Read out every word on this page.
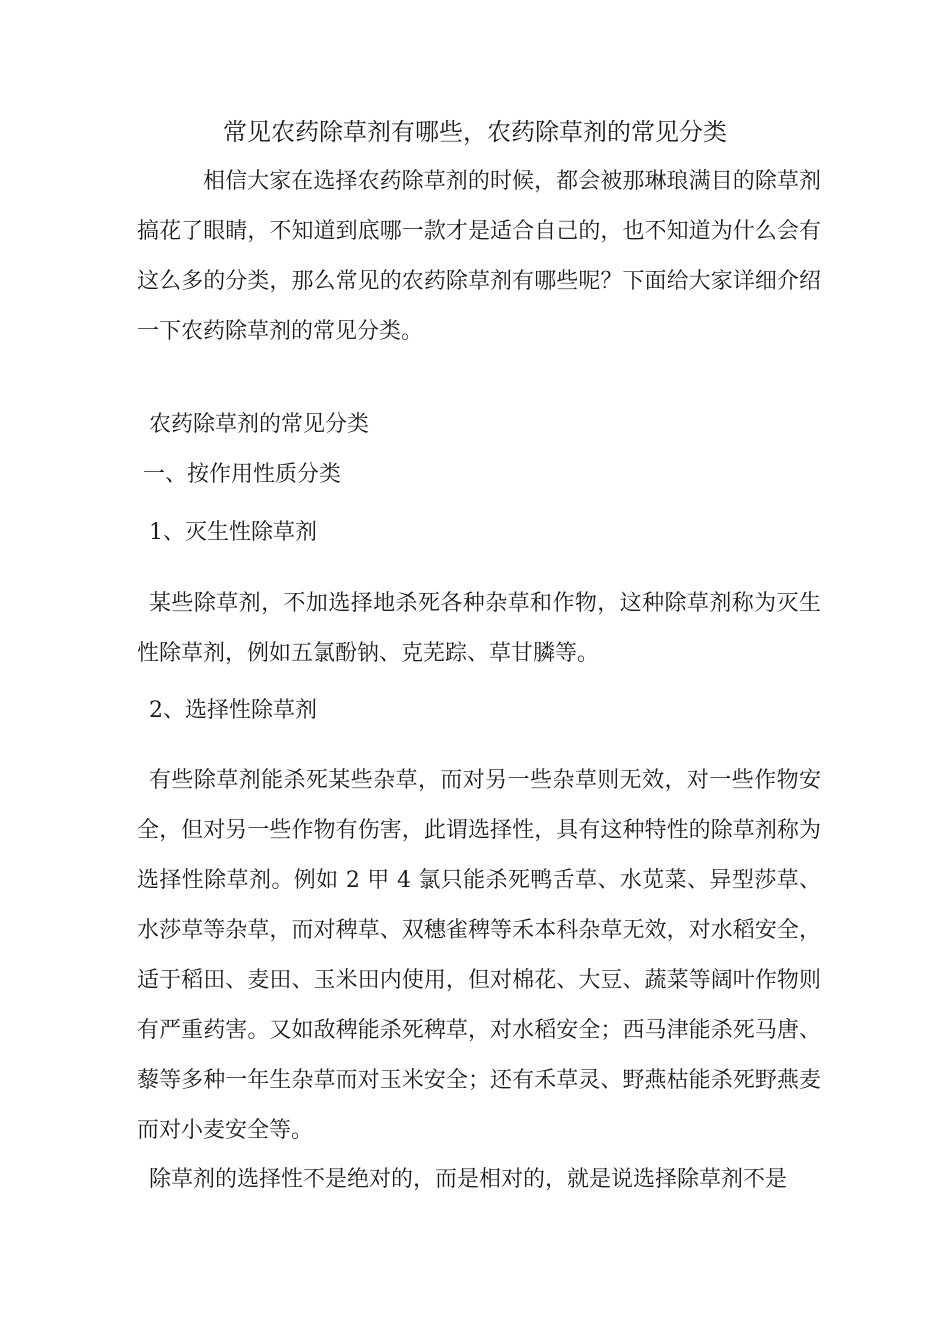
常见农药除草剂有哪些，农药除草剂的常见分类
相信大家在选择农药除草剂的时候，都会被那琳琅满目的除草剂搞花了眼睛，不知道到底哪一款才是适合自己的，也不知道为什么会有这么多的分类，那么常见的农药除草剂有哪些呢？下面给大家详细介绍一下农药除草剂的常见分类。
农药除草剂的常见分类
一、按作用性质分类
1、灭生性除草剂
某些除草剂，不加选择地杀死各种杂草和作物，这种除草剂称为灭生性除草剂，例如五氯酚钠、克芜踪、草甘膦等。
2、选择性除草剂
有些除草剂能杀死某些杂草，而对另一些杂草则无效，对一些作物安全，但对另一些作物有伤害，此谓选择性，具有这种特性的除草剂称为选择性除草剂。例如 2 甲 4 氯只能杀死鸭舌草、水苋菜、异型莎草、水莎草等杂草，而对稗草、双穗雀稗等禾本科杂草无效，对水稻安全，适于稻田、麦田、玉米田内使用，但对棉花、大豆、蔬菜等阔叶作物则有严重药害。又如敌稗能杀死稗草，对水稻安全；西马津能杀死马唐、藜等多种一年生杂草而对玉米安全；还有禾草灵、野燕枯能杀死野燕麦而对小麦安全等。
除草剂的选择性不是绝对的，而是相对的，就是说选择除草剂不是
